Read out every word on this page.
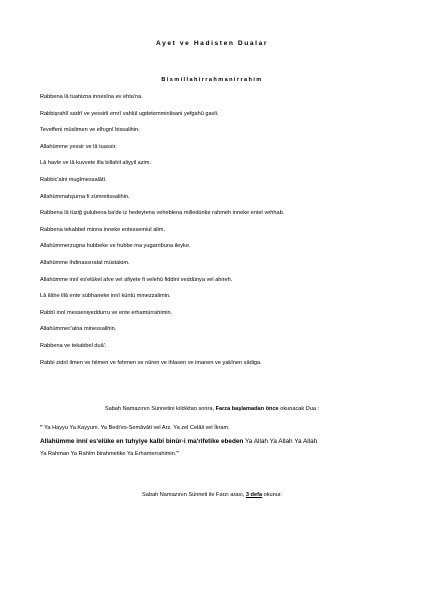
Ayet ve Hadisten Dualar
Bismillahirrahmanirrahim

Rabbena lâ tuahizna innesîna ev ehta'na.

Rabbişrahlî sadrî ve yessirli emrî vahlül ugdetemminlisani yefgahû gavli.

Teveffeni müslimen ve elhıgnî bissalihin.

Allahümme yessir ve lâ tuassir.

Lâ havle ve lâ kuvvete illa billahil aliyyil azim.

Rabbic'alni mugîmessalâtî.

Allahümmahşurna fi zümretissalihin.

Rabbena lâ tüziğ gulubena ba'de iz hedeytena veheblena milledünke rahmeh inneke entel vehhab.

Rabbena tekabbel minna inneke entessemiul alim.

Allahümmerzugna hubbeke ve hubbe ma yugarribuna ileyke.

Allahümme ihdinassıratal müstakim.

Allahümme innî es'elükel afve vel afiyete fi velehû fiddini veddünya vel ahireh.

Lâ ilâhe illâ ente sübhaneke innî küntü minezzalimin.

Rabbî innî messeniyeddurru ve ente erhamürrahimin.

Allahümmec'alna minessalihin.

Rabbena ve tekabbel duâ'.

Rabbi zidnî ilmen ve hilmen ve fehmen ve nûren ve ihlasen ve imanen ve yakînen sâdiga.

Sabah Namazının Sünnetini kıldıktan sonra, Farza başlamadan önce okunacak Dua :

" Ya Hayyu Ya Kayyum. Ya Bedi'es-Semâvâti vel Arz. Ya zel Celâli vel İkram.

Allahümme innî es'elüke en tuhyiye kalbî binûr-i ma'rifetike ebeden Ya Allah Ya Allah Ya Allah

Ya Rahman Ya Rahîm birahmetike Ya Erhamerrahimin."

Sabah Namazının Sünneti ile Farzı arası, 3 defa okunur.
